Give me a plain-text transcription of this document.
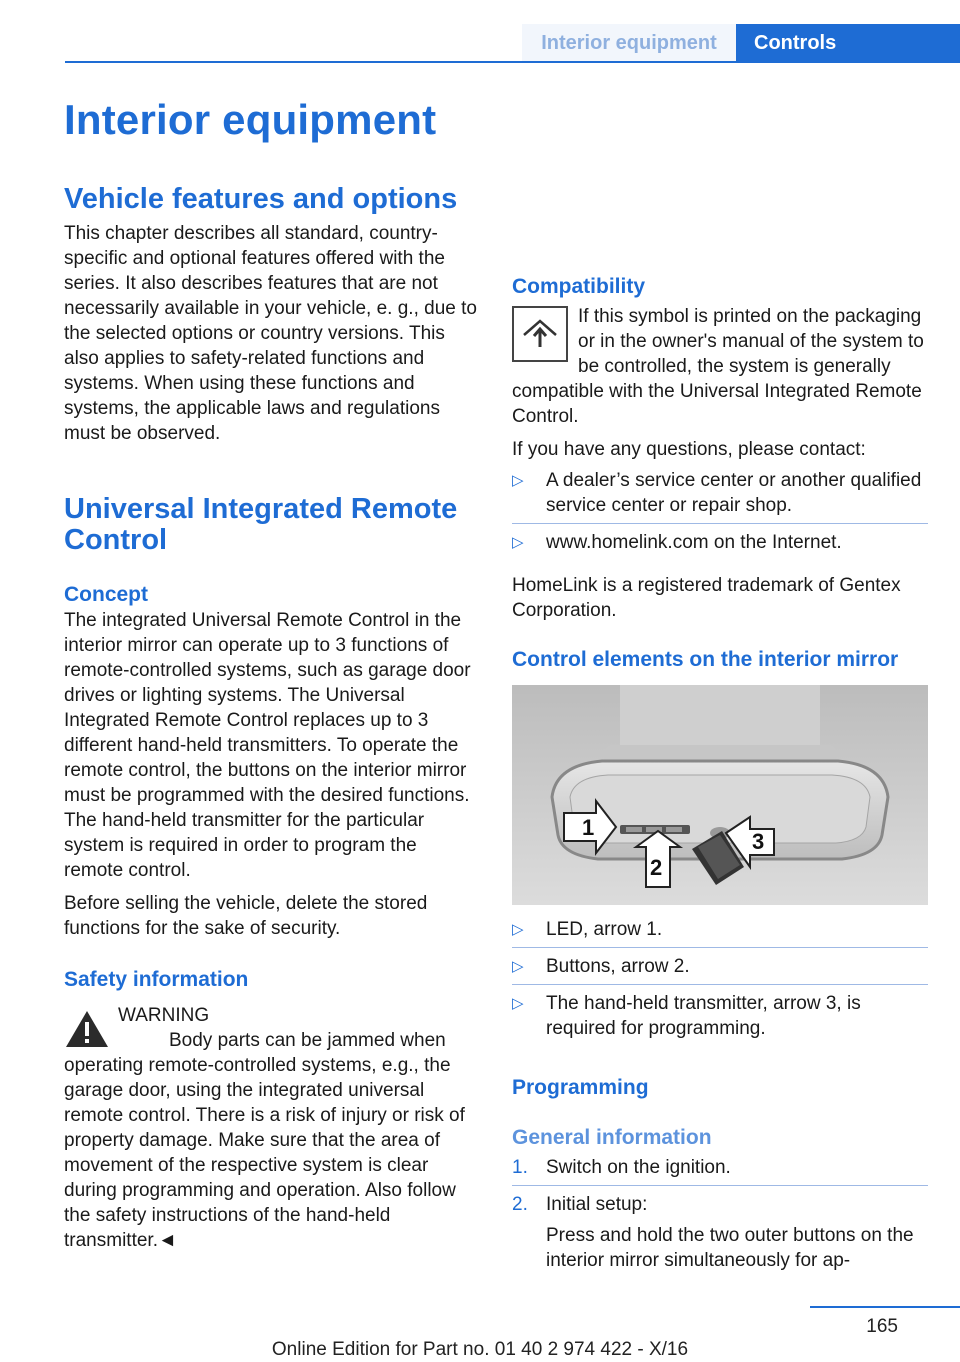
Interior equipment	Controls
Interior equipment
Vehicle features and options

This chapter describes all standard, country-specific and optional features offered with the series. It also describes features that are not necessarily available in your vehicle, e. g., due to the selected options or country versions. This also applies to safety-related functions and systems. When using these functions and systems, the applicable laws and regulations must be observed.

Universal Integrated Remote Control
Concept

The integrated Universal Remote Control in the interior mirror can operate up to 3 functions of remote-controlled systems, such as garage door drives or lighting systems. The Universal Integrated Remote Control replaces up to 3 different hand-held transmitters. To operate the remote control, the buttons on the interior mirror must be programmed with the desired functions. The hand-held transmitter for the particular system is required in order to program the remote control.

Before selling the vehicle, delete the stored functions for the sake of security.

Safety information
WARNING

Body parts can be jammed when operating remote-controlled systems, e.g., the garage door, using the integrated universal remote control. There is a risk of injury or risk of property damage. Make sure that the area of movement of the respective system is clear during programming and operation. Also follow the safety instructions of the hand-held transmitter.◄

Compatibility

If this symbol is printed on the packaging or in the owner's manual of the system to be controlled, the system is generally compatible with the Universal Integrated Remote Control.

If you have any questions, please contact:

▷ A dealer’s service center or another qualified service center or repair shop.
▷ www.homelink.com on the Internet.

HomeLink is a registered trademark of Gentex Corporation.

Control elements on the interior mirror
1
2
3
▷ LED, arrow 1.
▷ Buttons, arrow 2.
▷ The hand-held transmitter, arrow 3, is required for programming.
Programming
General information
1. Switch on the ignition.
2. Initial setup:
Press and hold the two outer buttons on the interior mirror simultaneously for ap-
165
Online Edition for Part no. 01 40 2 974 422 - X/16
